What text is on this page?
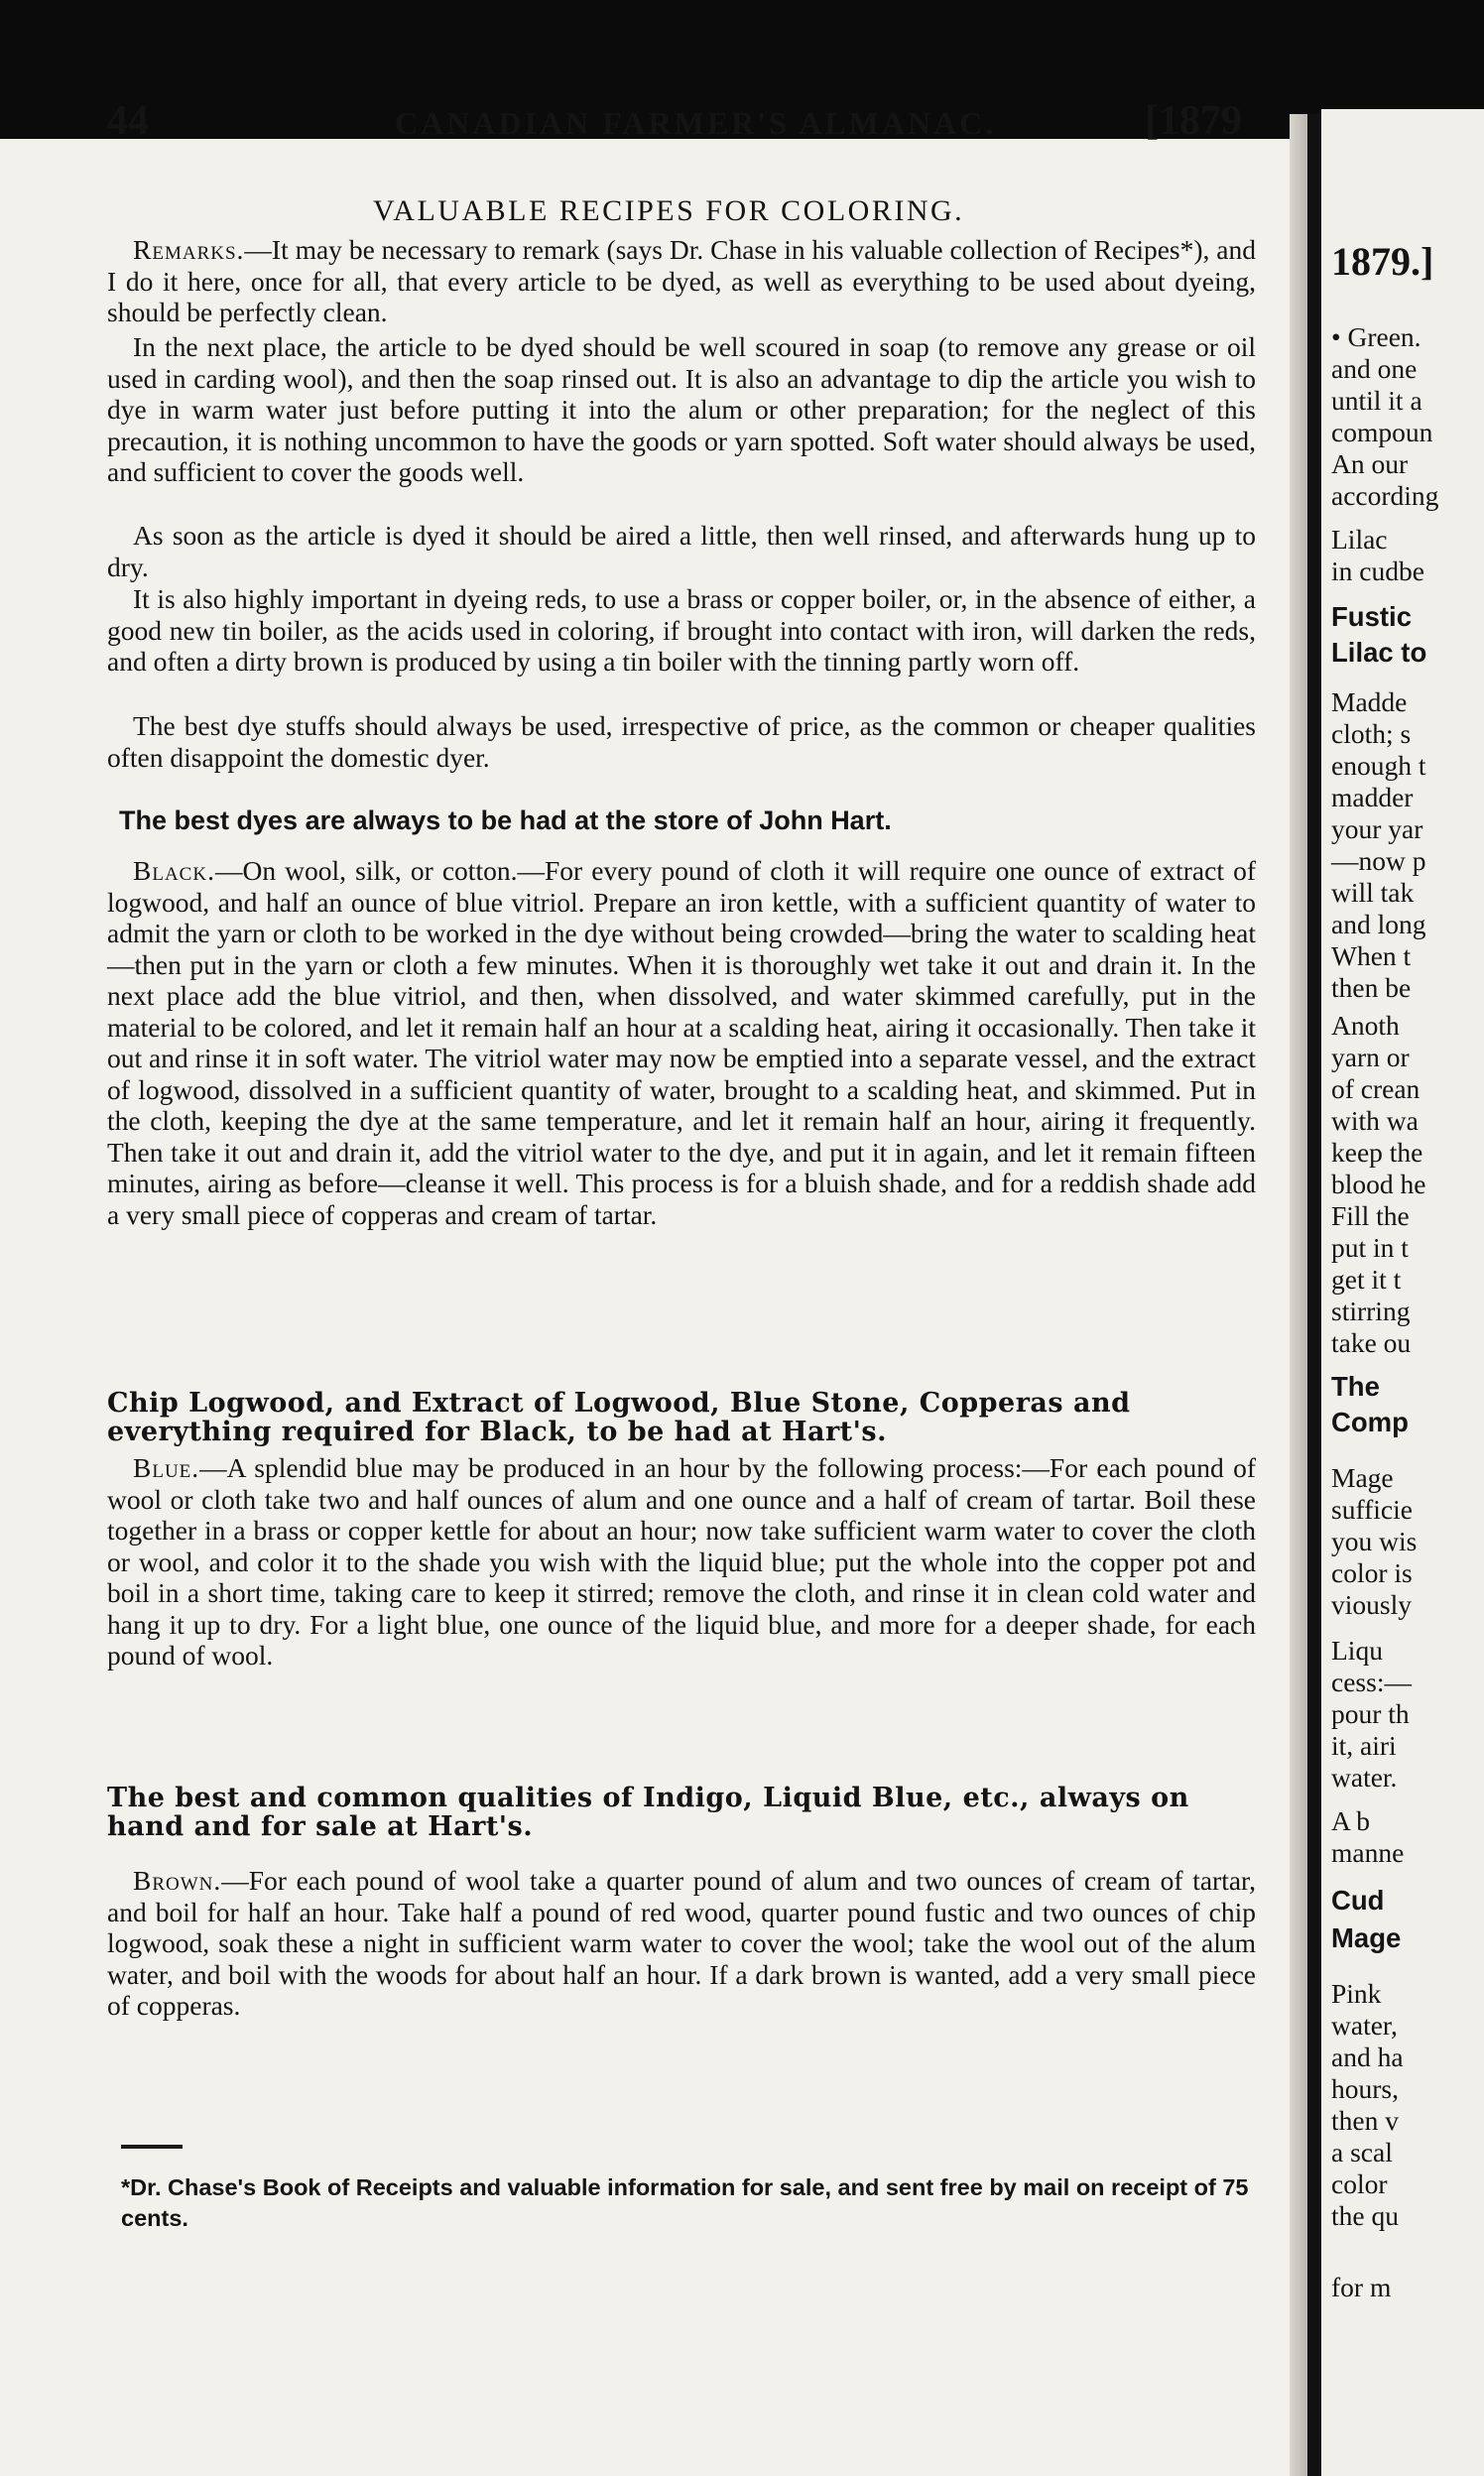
44	CANADIAN FARMER'S ALMANAC.	[1879
VALUABLE RECIPES FOR COLORING.

Remarks.—It may be necessary to remark (says Dr. Chase in his valuable collection of Recipes*), and I do it here, once for all, that every article to be dyed, as well as everything to be used about dyeing, should be perfectly clean.

In the next place, the article to be dyed should be well scoured in soap (to remove any grease or oil used in carding wool), and then the soap rinsed out. It is also an advantage to dip the article you wish to dye in warm water just before putting it into the alum or other preparation; for the neglect of this precaution, it is nothing uncommon to have the goods or yarn spotted. Soft water should always be used, and sufficient to cover the goods well.

As soon as the article is dyed it should be aired a little, then well rinsed, and afterwards hung up to dry.

It is also highly important in dyeing reds, to use a brass or copper boiler, or, in the absence of either, a good new tin boiler, as the acids used in coloring, if brought into contact with iron, will darken the reds, and often a dirty brown is produced by using a tin boiler with the tinning partly worn off.

The best dye stuffs should always be used, irrespective of price, as the common or cheaper qualities often disappoint the domestic dyer.

The best dyes are always to be had at the store of John Hart.

Black.—On wool, silk, or cotton.—For every pound of cloth it will require one ounce of extract of logwood, and half an ounce of blue vitriol. Prepare an iron kettle, with a sufficient quantity of water to admit the yarn or cloth to be worked in the dye without being crowded—bring the water to scalding heat—then put in the yarn or cloth a few minutes. When it is thoroughly wet take it out and drain it. In the next place add the blue vitriol, and then, when dissolved, and water skimmed carefully, put in the material to be colored, and let it remain half an hour at a scalding heat, airing it occasionally. Then take it out and rinse it in soft water. The vitriol water may now be emptied into a separate vessel, and the extract of logwood, dissolved in a sufficient quantity of water, brought to a scalding heat, and skimmed. Put in the cloth, keeping the dye at the same temperature, and let it remain half an hour, airing it frequently. Then take it out and drain it, add the vitriol water to the dye, and put it in again, and let it remain fifteen minutes, airing as before—cleanse it well. This process is for a bluish shade, and for a reddish shade add a very small piece of copperas and cream of tartar.

Chip Logwood, and Extract of Logwood, Blue Stone, Copperas and everything required for Black, to be had at Hart's.

Blue.—A splendid blue may be produced in an hour by the following process:—For each pound of wool or cloth take two and half ounces of alum and one ounce and a half of cream of tartar. Boil these together in a brass or copper kettle for about an hour; now take sufficient warm water to cover the cloth or wool, and color it to the shade you wish with the liquid blue; put the whole into the copper pot and boil in a short time, taking care to keep it stirred; remove the cloth, and rinse it in clean cold water and hang it up to dry. For a light blue, one ounce of the liquid blue, and more for a deeper shade, for each pound of wool.

The best and common qualities of Indigo, Liquid Blue, etc., always on hand and for sale at Hart's.

Brown.—For each pound of wool take a quarter pound of alum and two ounces of cream of tartar, and boil for half an hour. Take half a pound of red wood, quarter pound fustic and two ounces of chip logwood, soak these a night in sufficient warm water to cover the wool; take the wool out of the alum water, and boil with the woods for about half an hour. If a dark brown is wanted, add a very small piece of copperas.

*Dr. Chase's Book of Receipts and valuable information for sale, and sent free by mail on receipt of 75 cents.
1879.]
• Green.
and one
until it a
compoun
An our
according
Lilac
in cudbe
Fustic
Lilac to
Madde
cloth; s
enough t
madder
your yar
—now p
will tak
and long
When t
then be
Anoth
yarn or
of crean
with wa
keep the
blood he
Fill the
put in t
get it t
stirring
take ou
The
Comp
Mage
sufficie
you wis
color is
viously
Liqu
cess:—
pour th
it, airi
water.
A b
manne
Cud
Mage
Pink
water,
and ha
hours,
then v
a scal
color
the qu
for m
